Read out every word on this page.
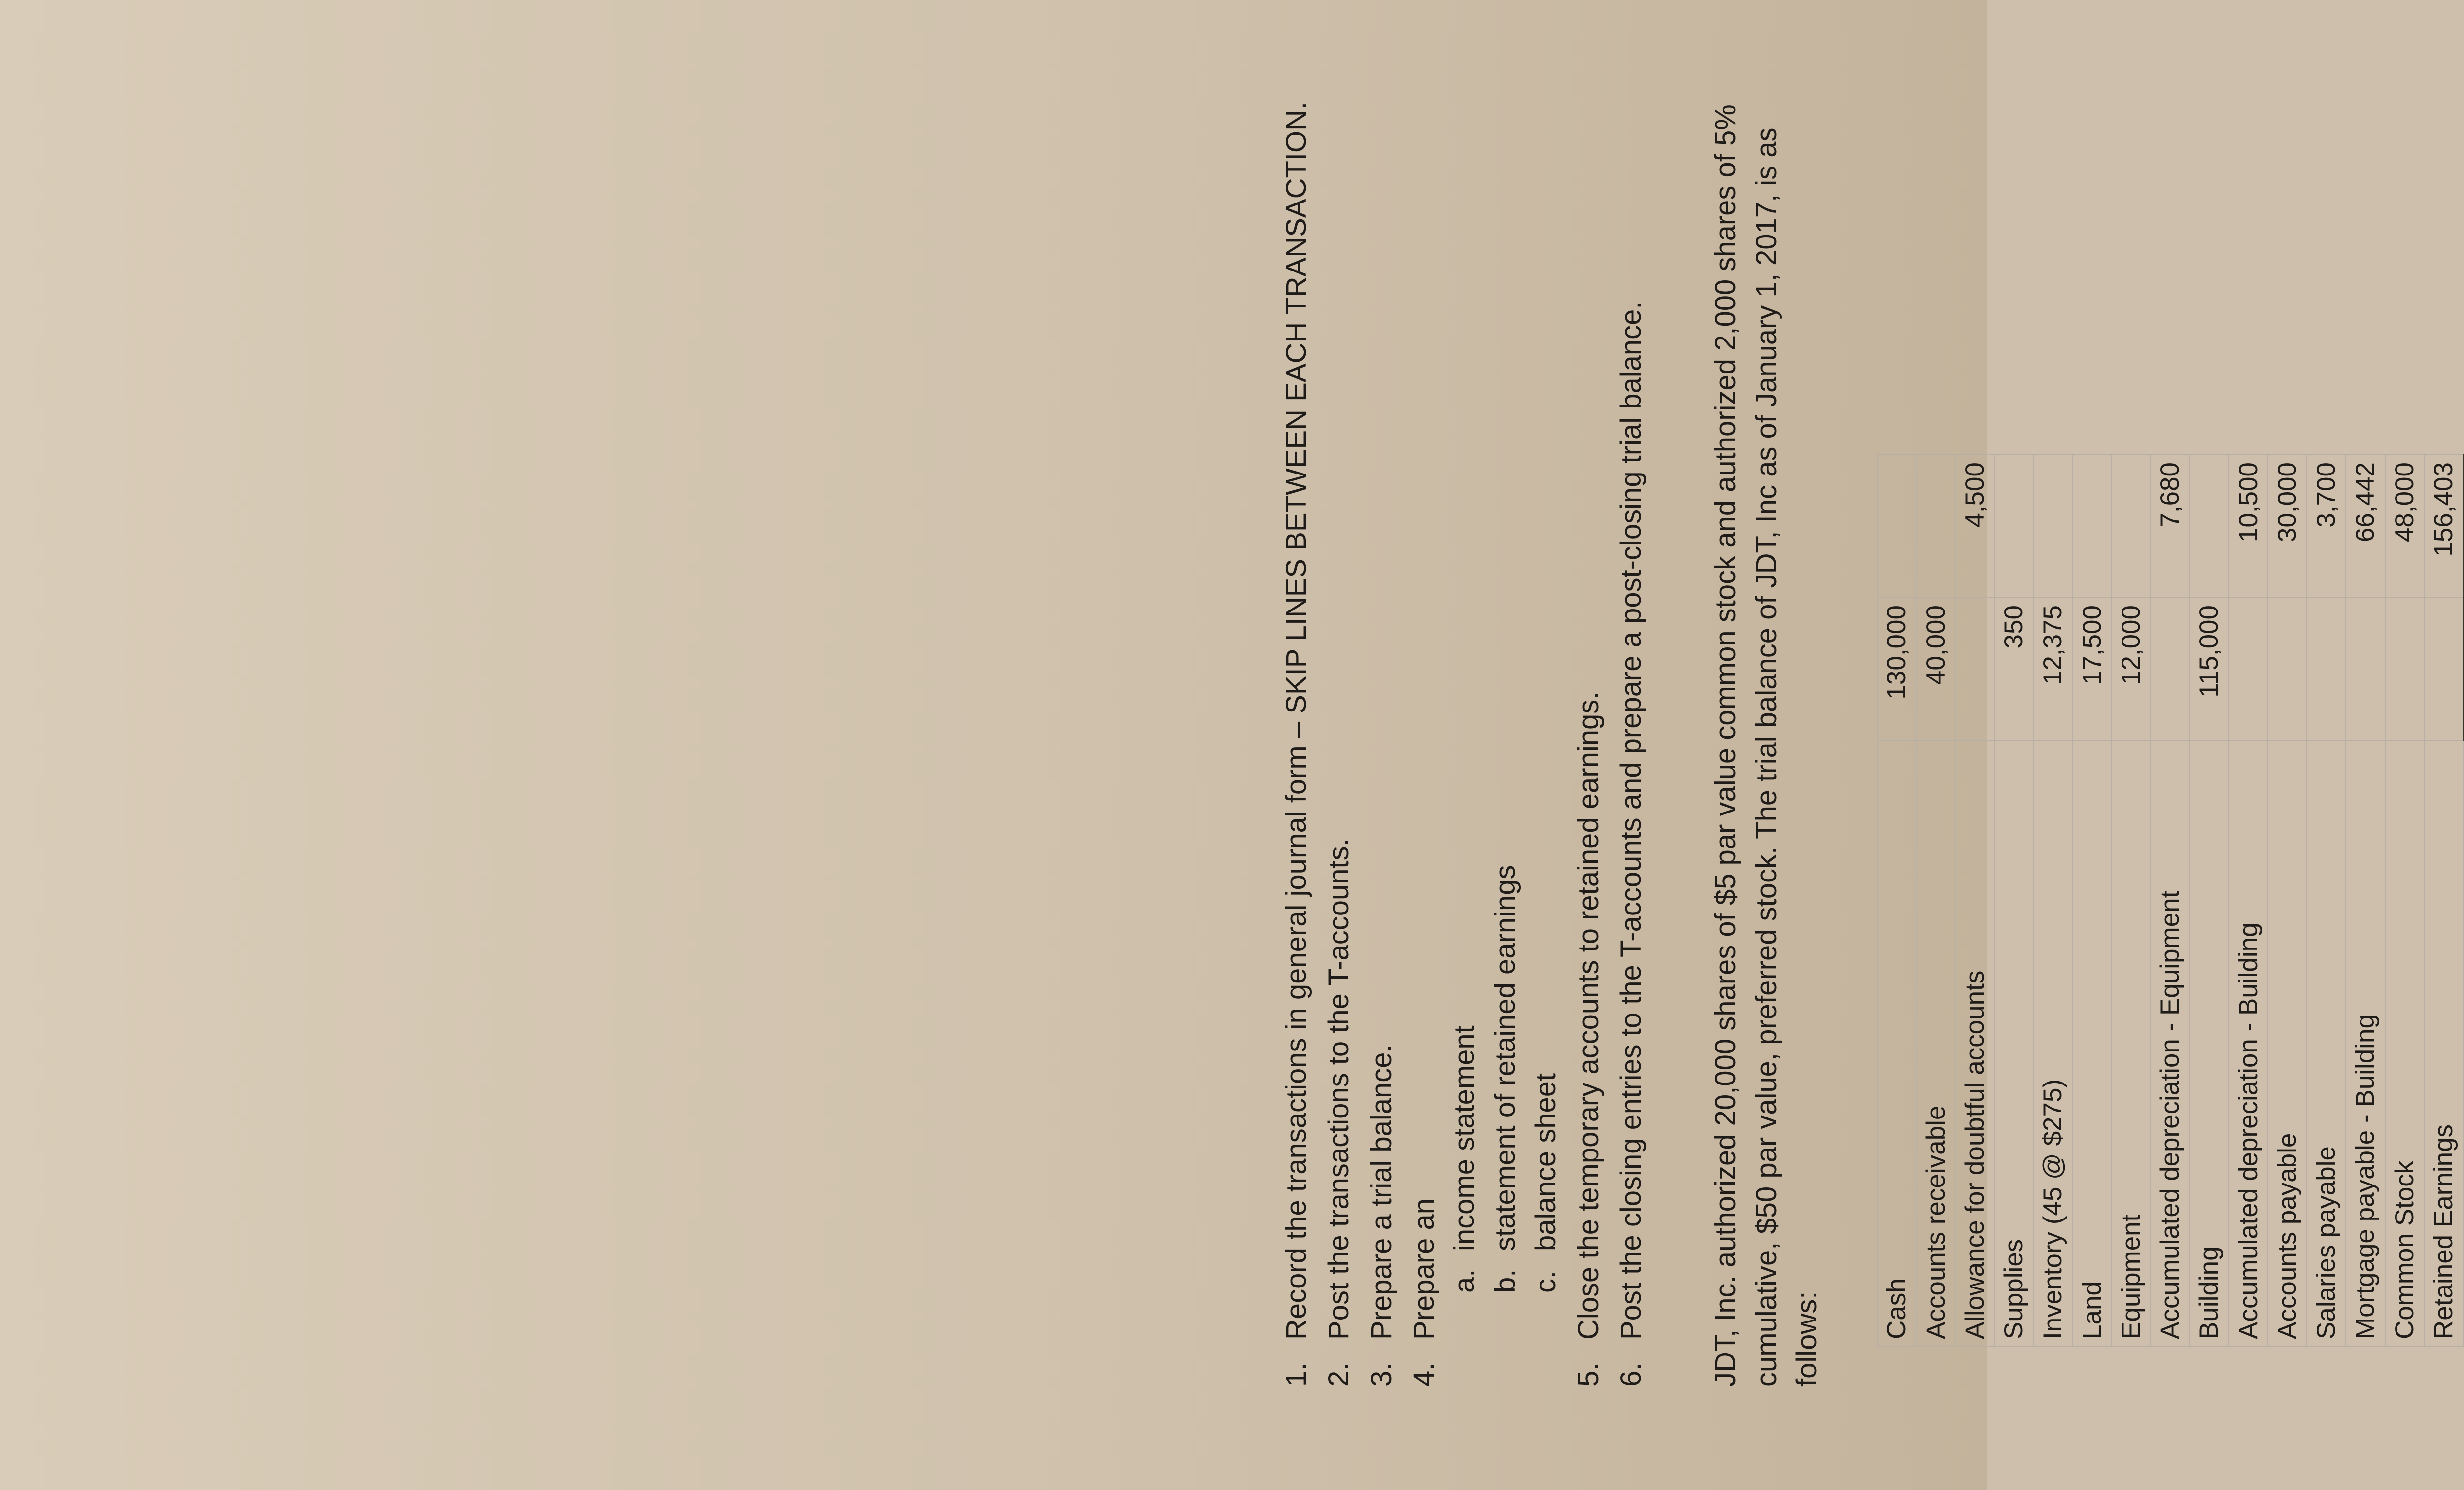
1.
Record the transactions in general journal form – SKIP LINES BETWEEN EACH TRANSACTION.
2.
Post the transactions to the T-accounts.
3.
Prepare a trial balance.
4.
Prepare an a.
income statement
b.
statement of retained earnings
c.
balance sheet
5.
Close the temporary accounts to retained earnings.
6.
Post the closing entries to the T-accounts and prepare a post-closing trial balance. JDT, Inc. authorized 20,000 shares of $5 par value common stock and authorized 2,000 shares of 5% cumulative, $50 par value, preferred stock. The trial balance of JDT, Inc as of January 1, 2017, is as follows: Cash	130,000	
Accounts receivable	40,000	
Allowance for doubtful accounts		4,500
Supplies	350	
Inventory (45 @ $275)	12,375	
Land	17,500	
Equipment	12,000	
Accumulated depreciation - Equipment		7,680
Building	115,000	
Accumulated depreciation - Building		10,500
Accounts payable		30,000
Salaries payable		3,700
Mortgage payable - Building		66,442
Common Stock		48,000
Retained Earnings		156,403
